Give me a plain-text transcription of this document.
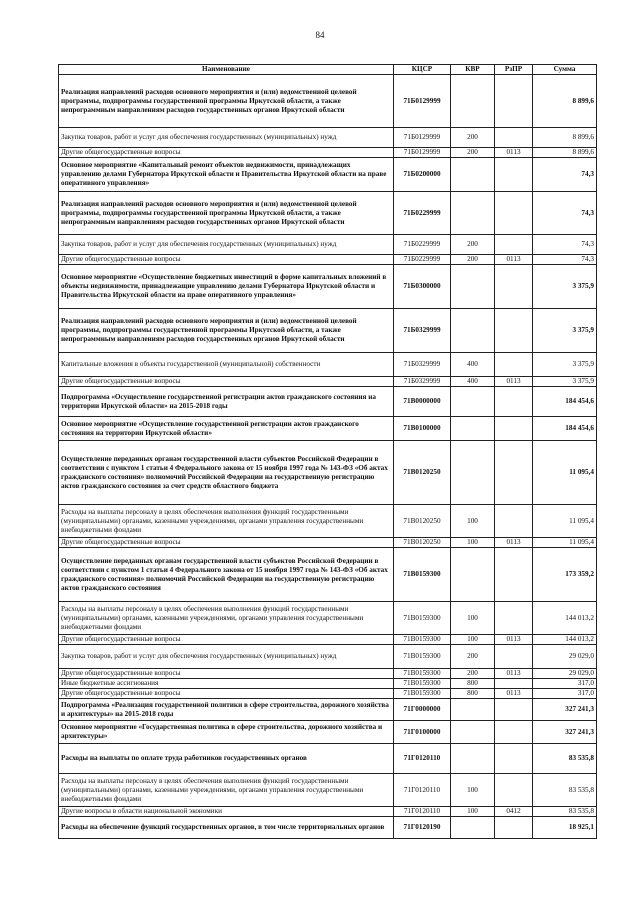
84
Наименование	КЦСР	КВР	РзПР	Сумма
Реализация направлений расходов основного мероприятия и (или) ведомственной целевой программы, подпрограммы государственной программы Иркутской области, а также непрограммным направлениям расходов государственных органов Иркутской области	71Б0129999			8 899,6
Закупка товаров, работ и услуг для обеспечения государственных (муниципальных) нужд	71Б0129999	200		8 899,6
Другие общегосударственные вопросы	71Б0129999	200	0113	8 899,6
Основное мероприятие «Капитальный ремонт объектов недвижимости, принадлежащих управлению делами Губернатора Иркутской области и Правительства Иркутской области на праве оперативного управления»	71Б0200000			74,3
Реализация направлений расходов основного мероприятия и (или) ведомственной целевой программы, подпрограммы государственной программы Иркутской области, а также непрограммным направлениям расходов государственных органов Иркутской области	71Б0229999			74,3
Закупка товаров, работ и услуг для обеспечения государственных (муниципальных) нужд	71Б0229999	200		74,3
Другие общегосударственные вопросы	71Б0229999	200	0113	74,3
Основное мероприятие «Осуществление бюджетных инвестиций в форме капитальных вложений в объекты недвижимости, принадлежащие управлению делами Губернатора Иркутской области и Правительства Иркутской области на праве оперативного управления»	71Б0300000			3 375,9
Реализация направлений расходов основного мероприятия и (или) ведомственной целевой программы, подпрограммы государственной программы Иркутской области, а также непрограммным направлениям расходов государственных органов Иркутской области	71Б0329999			3 375,9
Капитальные вложения в объекты государственной (муниципальной) собственности	71Б0329999	400		3 375,9
Другие общегосударственные вопросы	71Б0329999	400	0113	3 375,9
Подпрограмма «Осуществление государственной регистрации актов гражданского состояния на территории Иркутской области» на 2015-2018 годы	71В0000000			184 454,6
Основное мероприятие «Осуществление государственной регистрации актов гражданского состояния на территории Иркутской области»	71В0100000			184 454,6
Осуществление переданных органам государственной власти субъектов Российской Федерации в соответствии с пунктом 1 статьи 4 Федерального закона от 15 ноября 1997 года № 143-ФЗ «Об актах гражданского состояния» полномочий Российской Федерации на государственную регистрацию актов гражданского состояния за счет средств областного бюджета	71В0120250			11 095,4
Расходы на выплаты персоналу в целях обеспечения выполнения функций государственными (муниципальными) органами, казенными учреждениями, органами управления государственными внебюджетными фондами	71В0120250	100		11 095,4
Другие общегосударственные вопросы	71В0120250	100	0113	11 095,4
Осуществление переданных органам государственной власти субъектов Российской Федерации в соответствии с пунктом 1 статьи 4 Федерального закона от 15 ноября 1997 года № 143-ФЗ «Об актах гражданского состояния» полномочий Российской Федерации на государственную регистрацию актов гражданского состояния	71В0159300			173 359,2
Расходы на выплаты персоналу в целях обеспечения выполнения функций государственными (муниципальными) органами, казенными учреждениями, органами управления государственными внебюджетными фондами	71В0159300	100		144 013,2
Другие общегосударственные вопросы	71В0159300	100	0113	144 013,2
Закупка товаров, работ и услуг для обеспечения государственных (муниципальных) нужд	71В0159300	200		29 029,0
Другие общегосударственные вопросы	71В0159300	200	0113	29 029,0
Иные бюджетные ассигнования	71В0159300	800		317,0
Другие общегосударственные вопросы	71В0159300	800	0113	317,0
Подпрограмма «Реализация государственной политики в сфере строительства, дорожного хозяйства и архитектуры» на 2015-2018 годы	71Г0000000			327 241,3
Основное мероприятие «Государственная политика в сфере строительства, дорожного хозяйства и архитектуры»	71Г0100000			327 241,3
Расходы на выплаты по оплате труда работников государственных органов	71Г0120110			83 535,8
Расходы на выплаты персоналу в целях обеспечения выполнения функций государственными (муниципальными) органами, казенными учреждениями, органами управления государственными внебюджетными фондами	71Г0120110	100		83 535,8
Другие вопросы в области национальной экономики	71Г0120110	100	0412	83 535,8
Расходы на обеспечение функций государственных органов, в том числе территориальных органов	71Г0120190			18 925,1
